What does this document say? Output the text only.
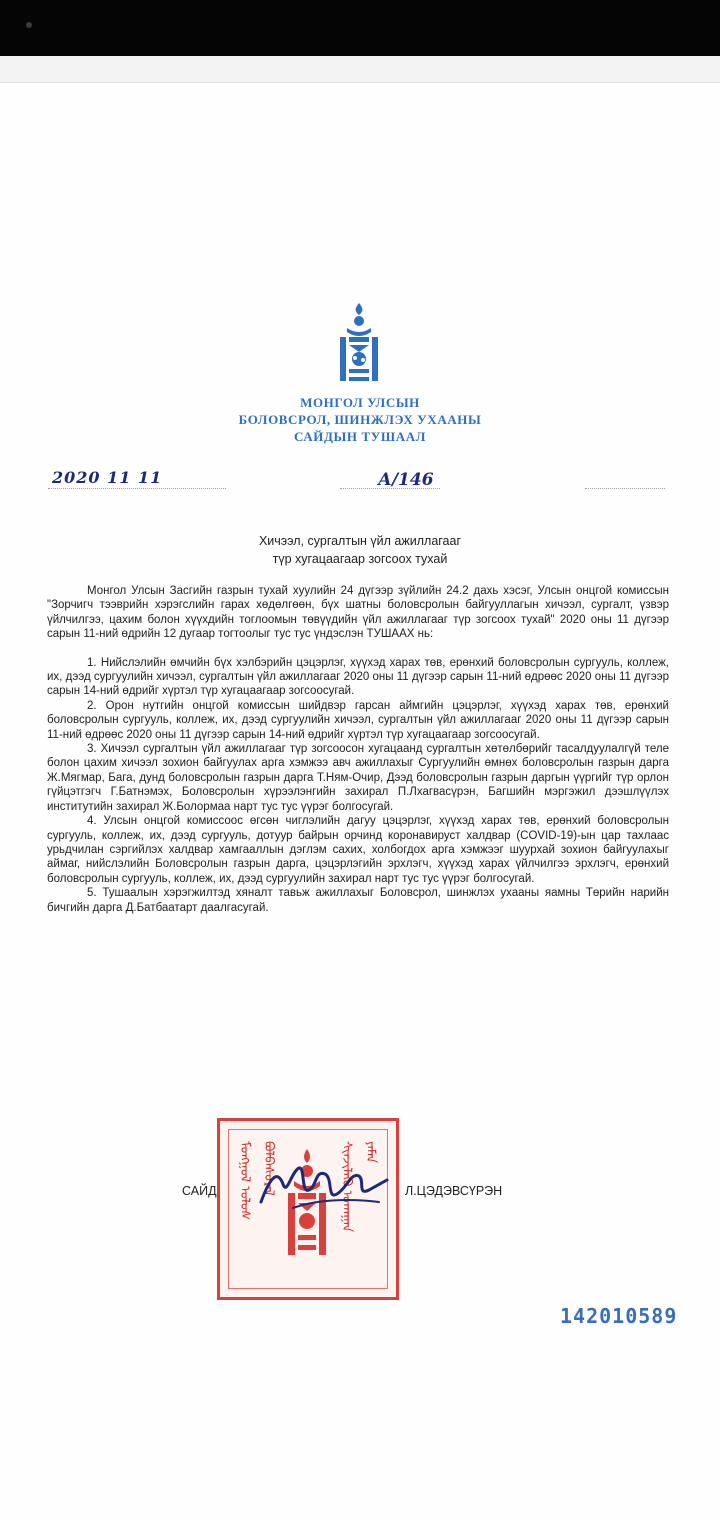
МОНГОЛ УЛСЫН
БОЛОВСРОЛ, ШИНЖЛЭХ УХААНЫ
САЙДЫН ТУШААЛ
2020 11 11	А/146
Хичээл, сургалтын үйл ажиллагааг
түр хугацаагаар зогсоох тухай

Монгол Улсын Засгийн газрын тухай хуулийн 24 дүгээр зүйлийн 24.2 дахь хэсэг, Улсын онцгой комиссын "Зорчигч тээврийн хэрэгслийн гарах хөдөлгөөн, бүх шатны боловсролын байгууллагын хичээл, сургалт, үзвэр үйлчилгээ, цахим болон хүүхдийн тоглоомын төвүүдийн үйл ажиллагааг түр зогсоох тухай" 2020 оны 11 дүгээр сарын 11-ний өдрийн 12 дугаар тогтоолыг тус тус үндэслэн ТУШААХ нь:

1. Нийслэлийн өмчийн бүх хэлбэрийн цэцэрлэг, хүүхэд харах төв, ерөнхий боловсролын сургууль, коллеж, их, дээд сургуулийн хичээл, сургалтын үйл ажиллагааг 2020 оны 11 дүгээр сарын 11-ний өдрөөс 2020 оны 11 дүгээр сарын 14-ний өдрийг хүртэл түр хугацаагаар зогсоосугай.

2. Орон нутгийн онцгой комиссын шийдвэр гарсан аймгийн цэцэрлэг, хүүхэд харах төв, ерөнхий боловсролын сургууль, коллеж, их, дээд сургуулийн хичээл, сургалтын үйл ажиллагааг 2020 оны 11 дүгээр сарын 11-ний өдрөөс 2020 оны 11 дүгээр сарын 14-ний өдрийг хүртэл түр хугацаагаар зогсоосугай.

3. Хичээл сургалтын үйл ажиллагааг түр зогсоосон хугацаанд сургалтын хөтөлбөрийг тасалдуулалгүй теле болон цахим хичээл зохион байгуулах арга хэмжээ авч ажиллахыг Сургуулийн өмнөх боловсролын газрын дарга Ж.Мягмар, Бага, дунд боловсролын газрын дарга Т.Ням-Очир, Дээд боловсролын газрын даргын үүргийг түр орлон гүйцэтгэгч Г.Батнэмэх, Боловсролын хүрээлэнгийн захирал П.Лхагвасүрэн, Багшийн мэргэжил дээшлүүлэх институтийн захирал Ж.Болормаа нарт тус тус үүрэг болгосугай.

4. Улсын онцгой комиссоос өгсөн чиглэлийн дагуу цэцэрлэг, хүүхэд харах төв, ерөнхий боловсролын сургууль, коллеж, их, дээд сургууль, дотуур байрын орчинд коронавируст халдвар (COVID-19)-ын цар тахлаас урьдчилан сэргийлэх халдвар хамгааллын дэглэм сахих, холбогдох арга хэмжээг шуурхай зохион байгуулахыг аймаг, нийслэлийн Боловсролын газрын дарга, цэцэрлэгийн эрхлэгч, хүүхэд харах үйлчилгээ эрхлэгч, ерөнхий боловсролын сургууль, коллеж, их, дээд сургуулийн захирал нарт тус тус үүрэг болгосугай.

5. Тушаалын хэрэгжилтэд хяналт тавьж ажиллахыг Боловсрол, шинжлэх ухааны яамны Төрийн нарийн бичгийн дарга Д.Батбаатарт даалгасугай.

ᠮᠣᠩᠭᠣᠯ ᠤᠯᠤᠰ ᠪᠣᠯᠪᠠᠰᠤᠷᠠᠯ	ᠰᠢᠨᠵᠢᠯᠡᠬᠦ ᠤᠬᠠᠭᠠᠨ ᠶᠠᠮᠠᠨ
САЙД	Л.ЦЭДЭВСҮРЭН
142010589
